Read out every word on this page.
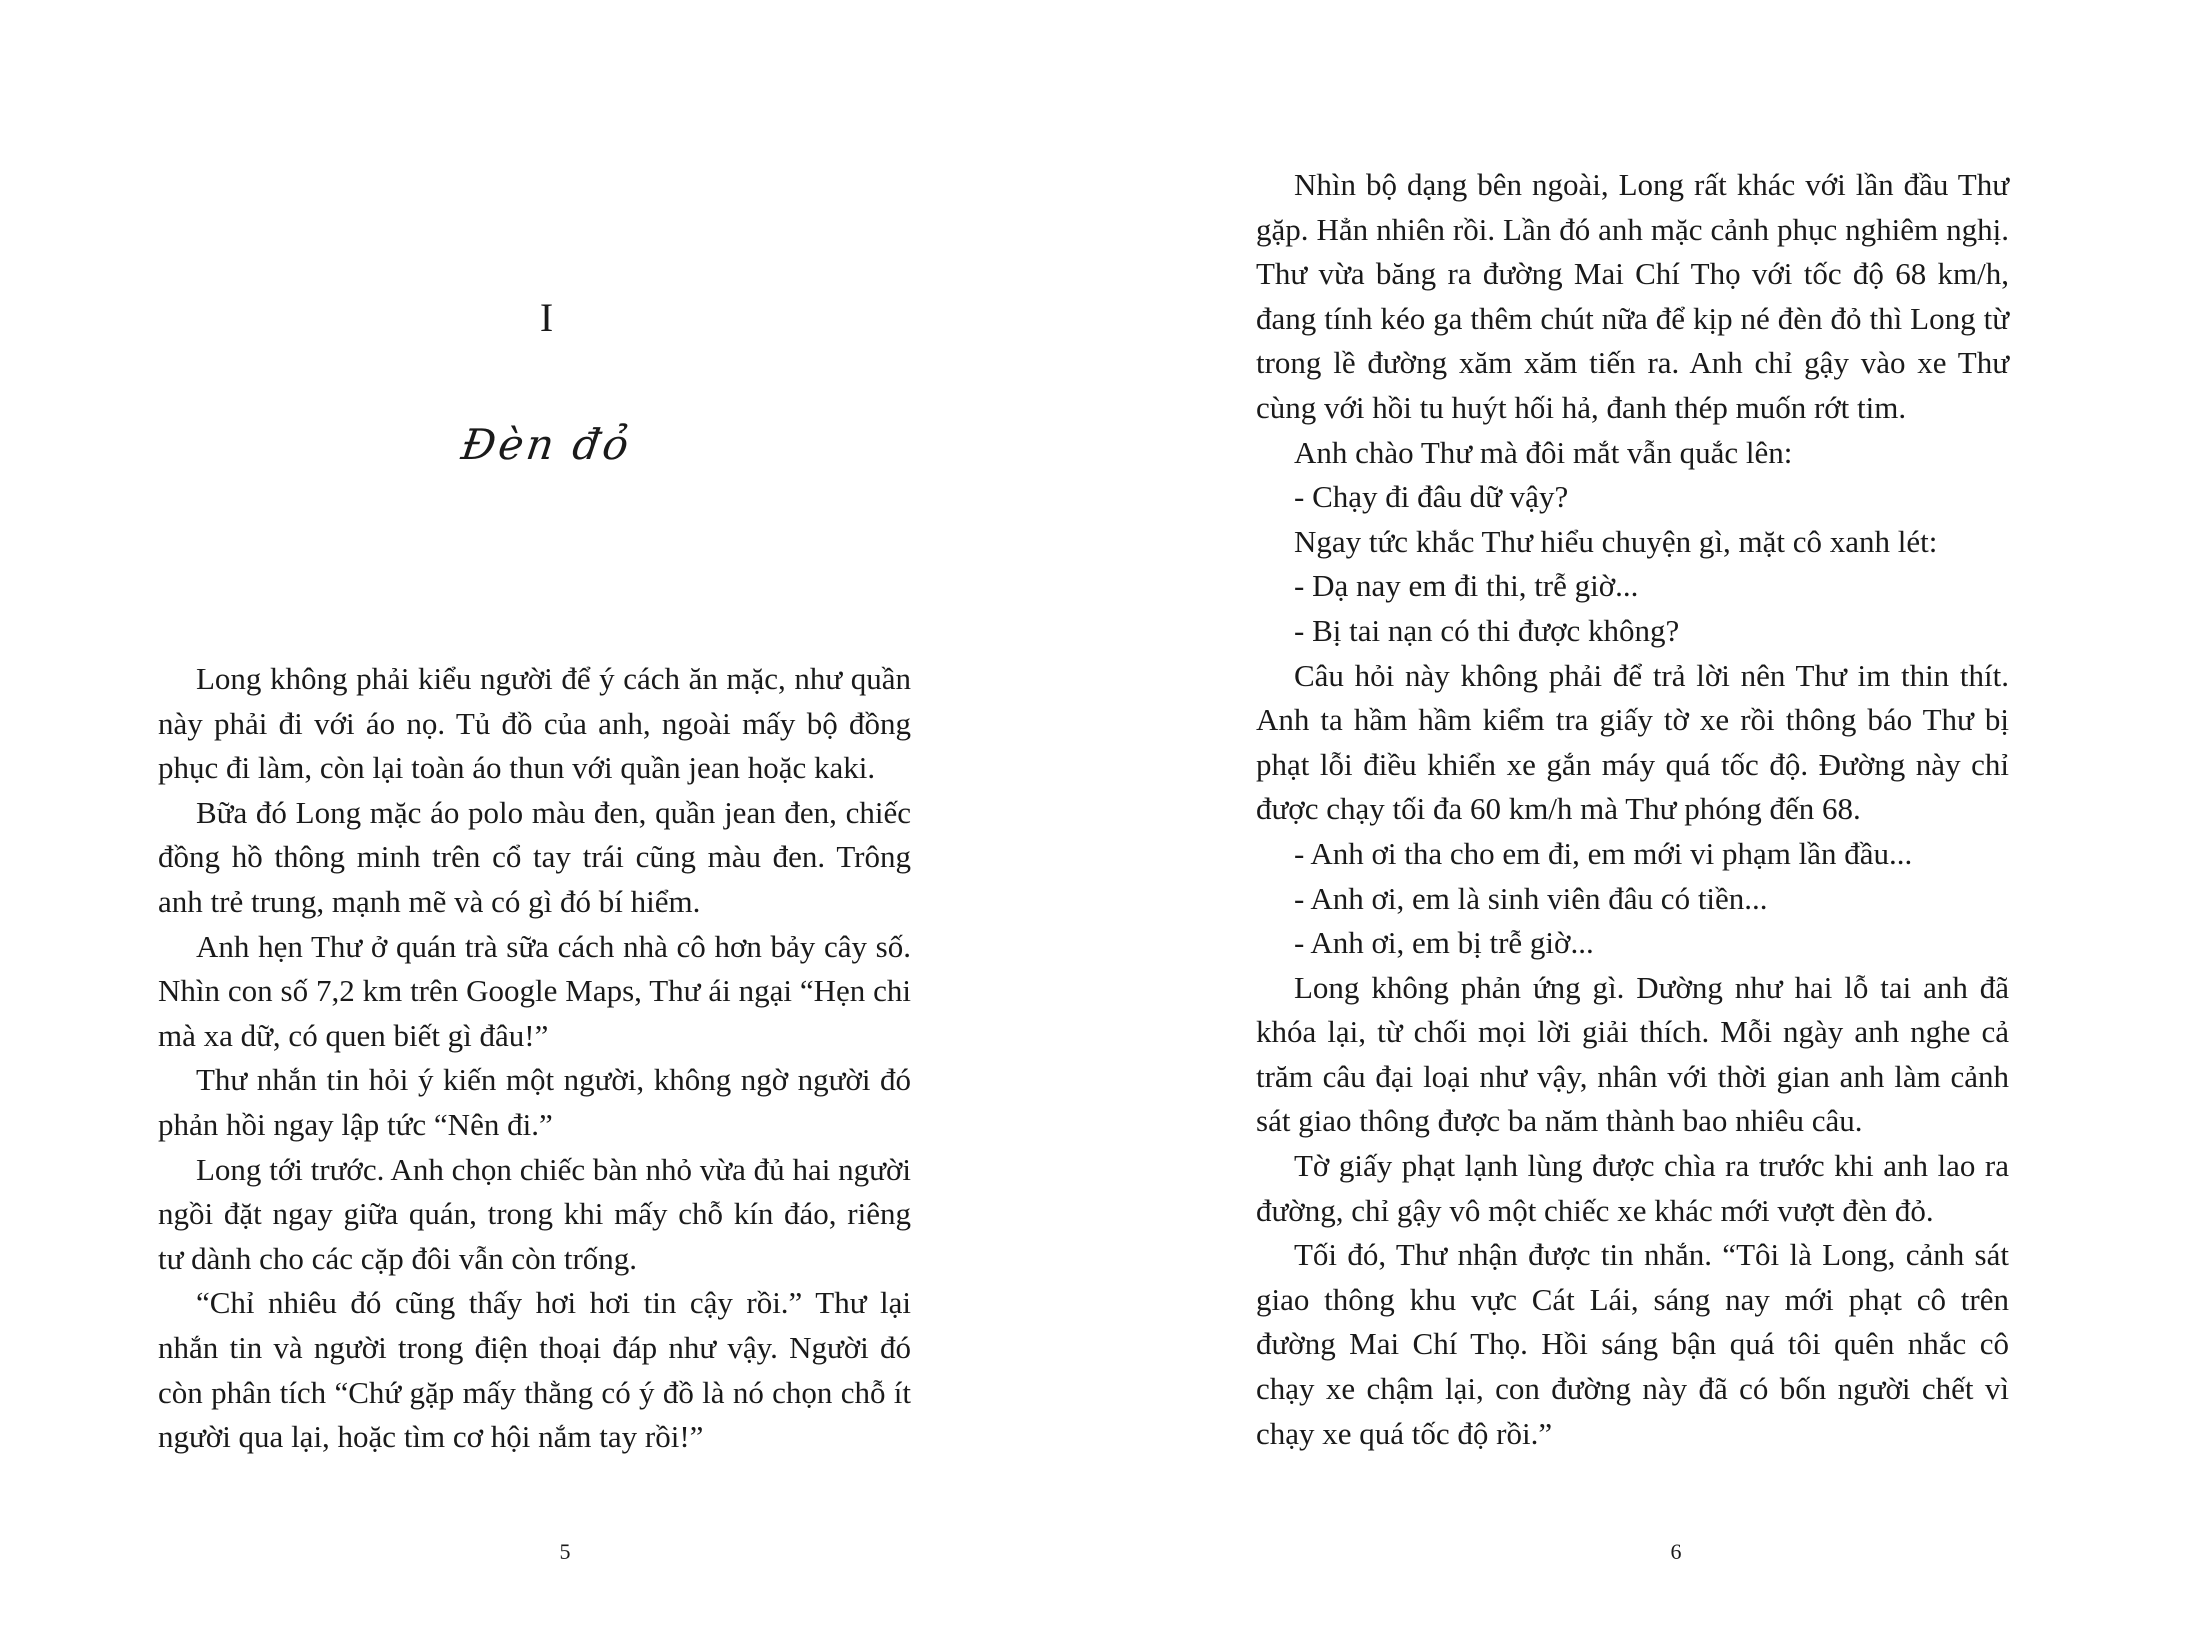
I
Đèn đỏ

Long không phải kiểu người để ý cách ăn mặc, như quần này phải đi với áo nọ. Tủ đồ của anh, ngoài mấy bộ đồng phục đi làm, còn lại toàn áo thun với quần jean hoặc kaki.

Bữa đó Long mặc áo polo màu đen, quần jean đen, chiếc đồng hồ thông minh trên cổ tay trái cũng màu đen. Trông anh trẻ trung, mạnh mẽ và có gì đó bí hiểm.

Anh hẹn Thư ở quán trà sữa cách nhà cô hơn bảy cây số. Nhìn con số 7,2 km trên Google Maps, Thư ái ngại “Hẹn chi mà xa dữ, có quen biết gì đâu!”

Thư nhắn tin hỏi ý kiến một người, không ngờ người đó phản hồi ngay lập tức “Nên đi.”

Long tới trước. Anh chọn chiếc bàn nhỏ vừa đủ hai người ngồi đặt ngay giữa quán, trong khi mấy chỗ kín đáo, riêng tư dành cho các cặp đôi vẫn còn trống.

“Chỉ nhiêu đó cũng thấy hơi hơi tin cậy rồi.” Thư lại nhắn tin và người trong điện thoại đáp như vậy. Người đó còn phân tích “Chứ gặp mấy thằng có ý đồ là nó chọn chỗ ít người qua lại, hoặc tìm cơ hội nắm tay rồi!”

5

Nhìn bộ dạng bên ngoài, Long rất khác với lần đầu Thư gặp. Hẳn nhiên rồi. Lần đó anh mặc cảnh phục nghiêm nghị. Thư vừa băng ra đường Mai Chí Thọ với tốc độ 68 km/h, đang tính kéo ga thêm chút nữa để kịp né đèn đỏ thì Long từ trong lề đường xăm xăm tiến ra. Anh chỉ gậy vào xe Thư cùng với hồi tu huýt hối hả, đanh thép muốn rớt tim.

Anh chào Thư mà đôi mắt vẫn quắc lên:

- Chạy đi đâu dữ vậy?

Ngay tức khắc Thư hiểu chuyện gì, mặt cô xanh lét:

- Dạ nay em đi thi, trễ giờ...

- Bị tai nạn có thi được không?

Câu hỏi này không phải để trả lời nên Thư im thin thít. Anh ta hầm hầm kiểm tra giấy tờ xe rồi thông báo Thư bị phạt lỗi điều khiển xe gắn máy quá tốc độ. Đường này chỉ được chạy tối đa 60 km/h mà Thư phóng đến 68.

- Anh ơi tha cho em đi, em mới vi phạm lần đầu...

- Anh ơi, em là sinh viên đâu có tiền...

- Anh ơi, em bị trễ giờ...

Long không phản ứng gì. Dường như hai lỗ tai anh đã khóa lại, từ chối mọi lời giải thích. Mỗi ngày anh nghe cả trăm câu đại loại như vậy, nhân với thời gian anh làm cảnh sát giao thông được ba năm thành bao nhiêu câu.

Tờ giấy phạt lạnh lùng được chìa ra trước khi anh lao ra đường, chỉ gậy vô một chiếc xe khác mới vượt đèn đỏ.

Tối đó, Thư nhận được tin nhắn. “Tôi là Long, cảnh sát giao thông khu vực Cát Lái, sáng nay mới phạt cô trên đường Mai Chí Thọ. Hồi sáng bận quá tôi quên nhắc cô chạy xe chậm lại, con đường này đã có bốn người chết vì chạy xe quá tốc độ rồi.”

6
